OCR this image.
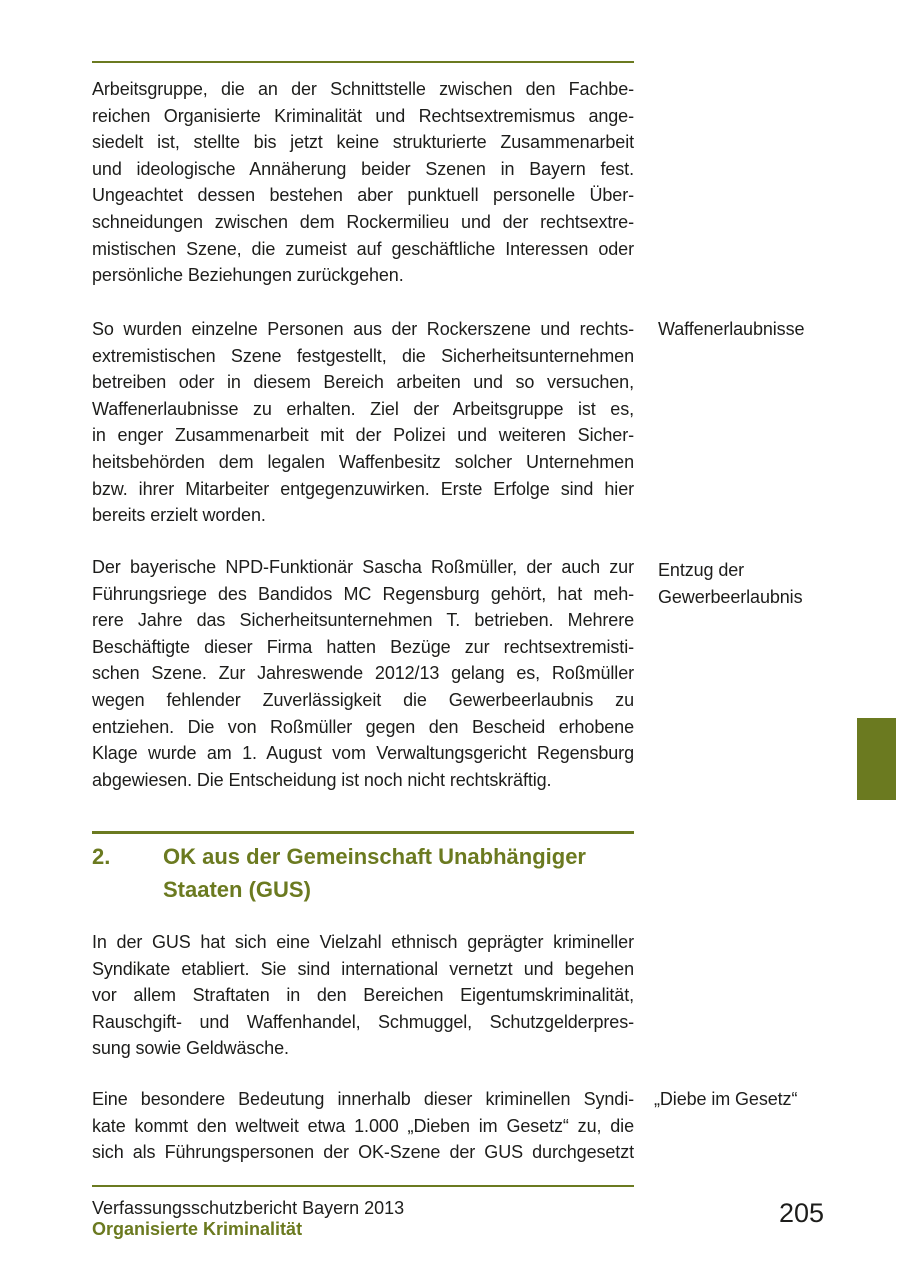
Arbeitsgruppe, die an der Schnittstelle zwischen den Fachbe-
reichen Organisierte Kriminalität und Rechtsextremismus ange-
siedelt ist, stellte bis jetzt keine strukturierte Zusammenarbeit
und ideologische Annäherung beider Szenen in Bayern fest.
Ungeachtet dessen bestehen aber punktuell personelle Über-
schneidungen zwischen dem Rockermilieu und der rechtsextre-
mistischen Szene, die zumeist auf geschäftliche Interessen oder
persönliche Beziehungen zurückgehen.
So wurden einzelne Personen aus der Rockerszene und rechts-
extremistischen Szene festgestellt, die Sicherheitsunternehmen
betreiben oder in diesem Bereich arbeiten und so versuchen,
Waffenerlaubnisse zu erhalten. Ziel der Arbeitsgruppe ist es,
in enger Zusammenarbeit mit der Polizei und weiteren Sicher-
heitsbehörden dem legalen Waffenbesitz solcher Unternehmen
bzw. ihrer Mitarbeiter entgegenzuwirken. Erste Erfolge sind hier
bereits erzielt worden.
Waffenerlaubnisse
Der bayerische NPD-Funktionär Sascha Roßmüller, der auch zur
Führungsriege des Bandidos MC Regensburg gehört, hat meh-
rere Jahre das Sicherheitsunternehmen T. betrieben. Mehrere
Beschäftigte dieser Firma hatten Bezüge zur rechtsextremisti-
schen Szene. Zur Jahreswende 2012/13 gelang es, Roßmüller
wegen fehlender Zuverlässigkeit die Gewerbeerlaubnis zu
entziehen. Die von Roßmüller gegen den Bescheid erhobene
Klage wurde am 1. August vom Verwaltungsgericht Regensburg
abgewiesen. Die Entscheidung ist noch nicht rechtskräftig.
Entzug der
Gewerbeerlaubnis
2. OK aus der Gemeinschaft Unabhängiger
Staaten (GUS)
In der GUS hat sich eine Vielzahl ethnisch geprägter krimineller
Syndikate etabliert. Sie sind international vernetzt und begehen
vor allem Straftaten in den Bereichen Eigentumskriminalität,
Rauschgift- und Waffenhandel, Schmuggel, Schutzgelderpres-
sung sowie Geldwäsche.
Eine besondere Bedeutung innerhalb dieser kriminellen Syndi-
kate kommt den weltweit etwa 1.000 „Dieben im Gesetz“ zu, die
sich als Führungspersonen der OK-Szene der GUS durchgesetzt
„Diebe im Gesetz“
Verfassungsschutzbericht Bayern 2013
Organisierte Kriminalität
205
